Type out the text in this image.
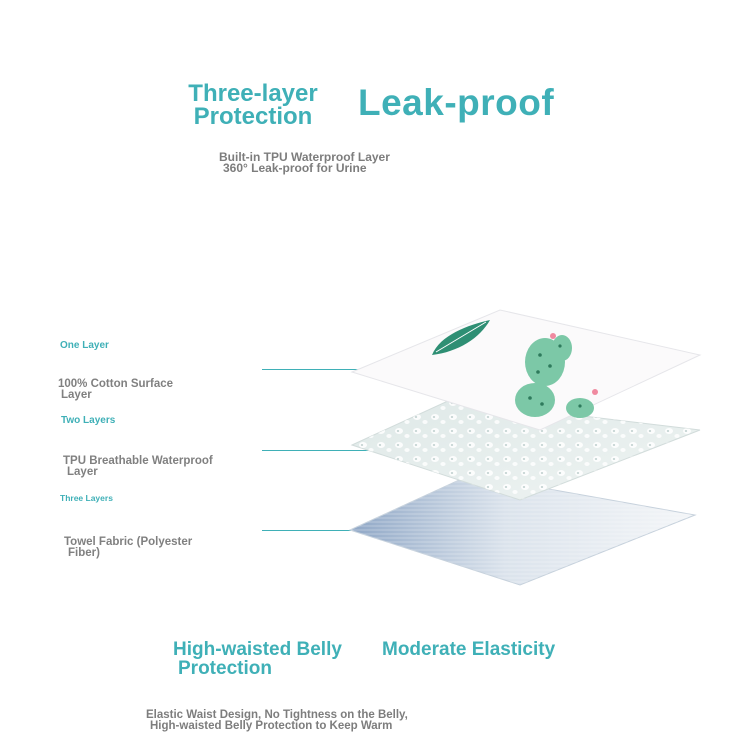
Three-layer
Protection	Leak-proof
Built-in TPU Waterproof Layer
360° Leak-proof for Urine
One Layer
100% Cotton Surface
Layer
Two Layers
TPU Breathable Waterproof
Layer
Three Layers
Towel Fabric (Polyester
Fiber)
High-waisted Belly
Protection
Moderate Elasticity
Elastic Waist Design, No Tightness on the Belly,
High-waisted Belly Protection to Keep Warm
